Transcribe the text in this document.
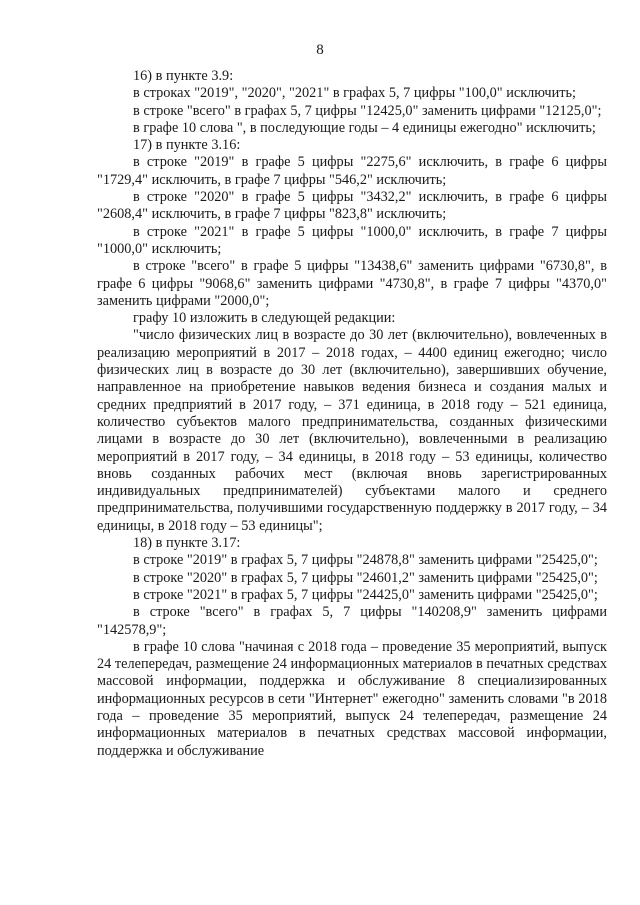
8

16) в пункте 3.9:

в строках "2019", "2020", "2021" в графах 5, 7 цифры "100,0" исключить;

в строке "всего" в графах 5, 7 цифры "12425,0" заменить цифрами "12125,0";

в графе 10 слова ", в последующие годы – 4 единицы ежегодно" исключить;

17) в пункте 3.16:

в строке "2019" в графе 5 цифры "2275,6" исключить, в графе 6 цифры "1729,4" исключить, в графе 7 цифры "546,2" исключить;

в строке "2020" в графе 5 цифры "3432,2" исключить, в графе 6 цифры "2608,4" исключить, в графе 7 цифры "823,8" исключить;

в строке "2021" в графе 5 цифры "1000,0" исключить, в графе 7 цифры "1000,0" исключить;

в строке "всего" в графе 5 цифры "13438,6" заменить цифрами "6730,8", в графе 6 цифры "9068,6" заменить цифрами "4730,8", в графе 7 цифры "4370,0" заменить цифрами "2000,0";

графу 10 изложить в следующей редакции:

"число физических лиц в возрасте до 30 лет (включительно), вовлеченных в реализацию мероприятий в 2017 – 2018 годах, – 4400 единиц ежегодно; число физических лиц в возрасте до 30 лет (включительно), завершивших обучение, направленное на приобретение навыков ведения бизнеса и создания малых и средних предприятий в 2017 году, – 371 единица, в 2018 году – 521 единица, количество субъектов малого предпринимательства, созданных физическими лицами в возрасте до 30 лет (включительно), вовлеченными в реализацию мероприятий в 2017 году, – 34 единицы, в 2018 году – 53 единицы, количество вновь созданных рабочих мест (включая вновь зарегистрированных индивидуальных предпринимателей) субъектами малого и среднего предпринимательства, получившими государственную поддержку в 2017 году, – 34 единицы, в 2018 году – 53 единицы";

18) в пункте 3.17:

в строке "2019" в графах 5, 7 цифры "24878,8" заменить цифрами "25425,0";

в строке "2020" в графах 5, 7 цифры "24601,2" заменить цифрами "25425,0";

в строке "2021" в графах 5, 7 цифры "24425,0" заменить цифрами "25425,0";

в строке "всего" в графах 5, 7 цифры "140208,9" заменить цифрами "142578,9";

в графе 10 слова "начиная с 2018 года – проведение 35 мероприятий, выпуск 24 телепередач, размещение 24 информационных материалов в печатных средствах массовой информации, поддержка и обслуживание 8 специализированных информационных ресурсов в сети "Интернет" ежегодно" заменить словами "в 2018 года – проведение 35 мероприятий, выпуск 24 телепередач, размещение 24 информационных материалов в печатных средствах массовой информации, поддержка и обслуживание
